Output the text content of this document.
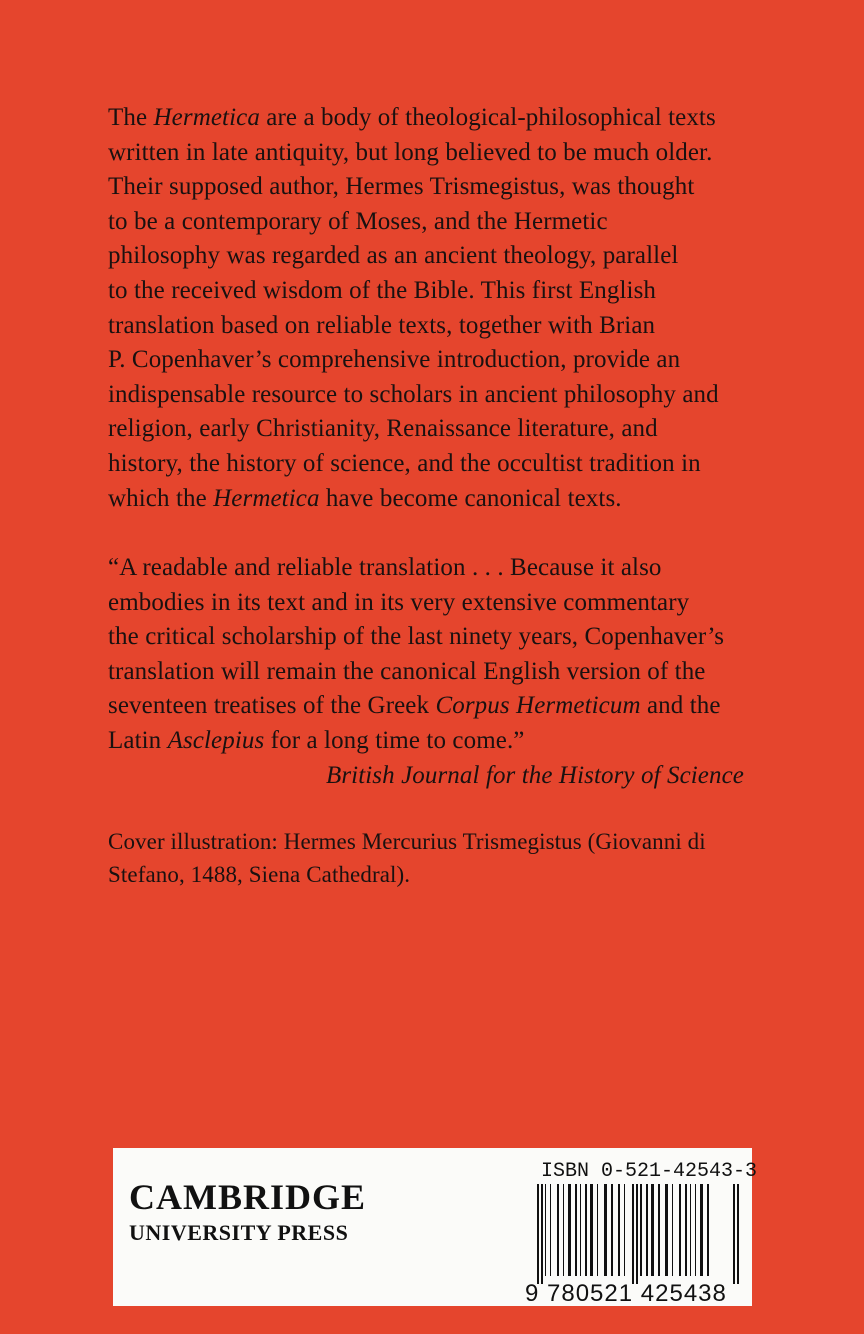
The Hermetica are a body of theological-philosophical texts
written in late antiquity, but long believed to be much older.
Their supposed author, Hermes Trismegistus, was thought
to be a contemporary of Moses, and the Hermetic
philosophy was regarded as an ancient theology, parallel
to the received wisdom of the Bible. This first English
translation based on reliable texts, together with Brian
P. Copenhaver’s comprehensive introduction, provide an
indispensable resource to scholars in ancient philosophy and
religion, early Christianity, Renaissance literature, and
history, the history of science, and the occultist tradition in
which the Hermetica have become canonical texts.
“A readable and reliable translation . . . Because it also
embodies in its text and in its very extensive commentary
the critical scholarship of the last ninety years, Copenhaver’s
translation will remain the canonical English version of the
seventeen treatises of the Greek Corpus Hermeticum and the
Latin Asclepius for a long time to come.”
British Journal for the History of Science
Cover illustration: Hermes Mercurius Trismegistus (Giovanni di
Stefano, 1488, Siena Cathedral).
CAMBRIDGE
UNIVERSITY PRESS
ISBN 0-521-42543-3
9 780521 425438
